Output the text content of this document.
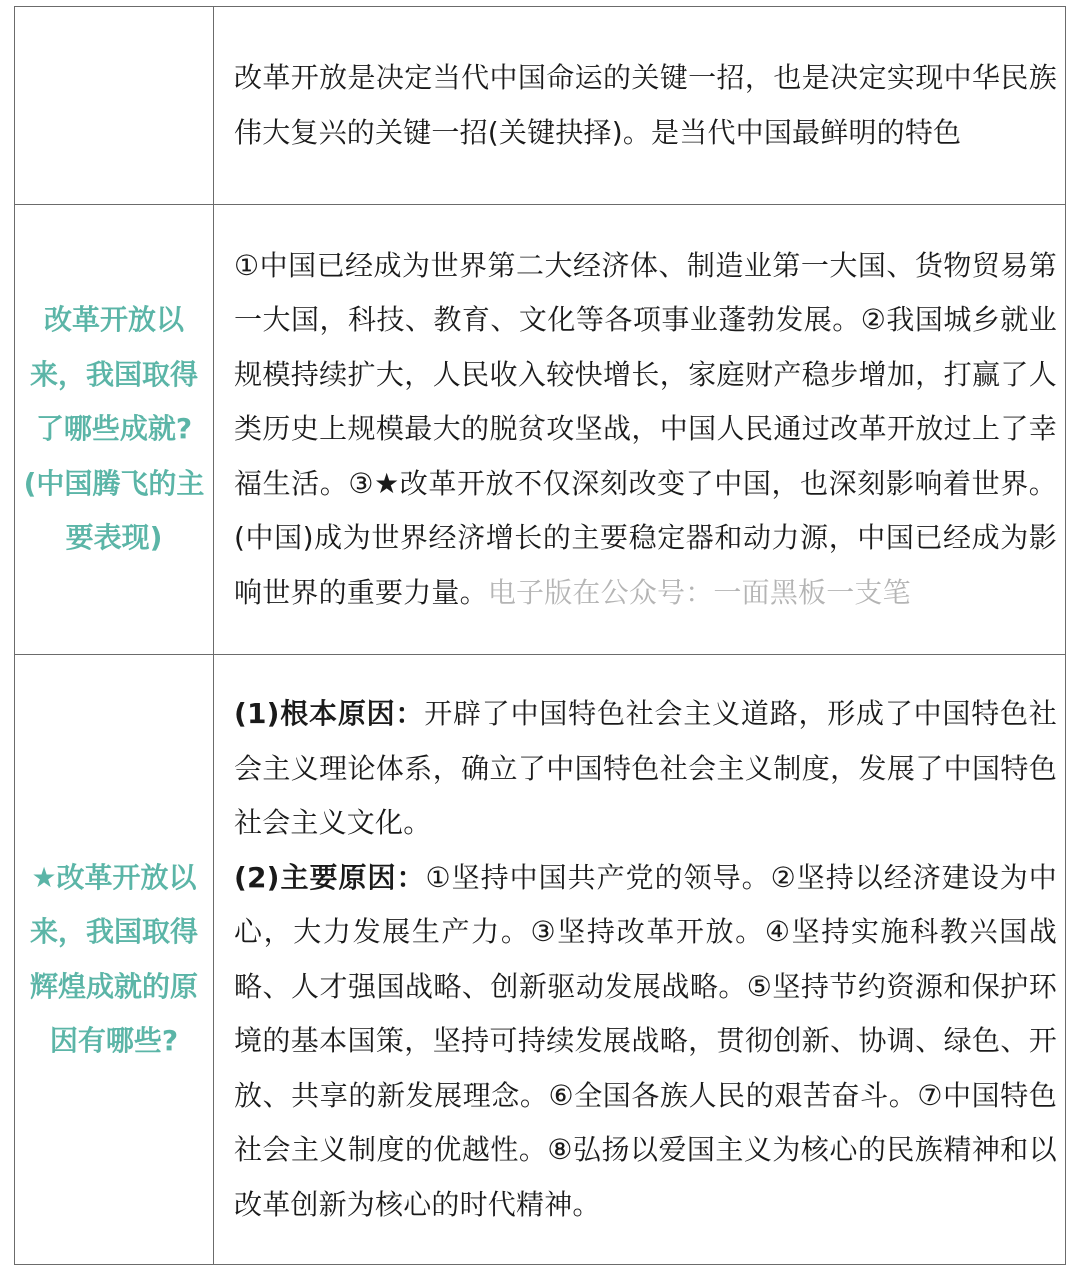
	改革开放是决定当代中国命运的关键一招，也是决定实现中华民族伟大复兴的关键一招(关键抉择)。是当代中国最鲜明的特色
改革开放以来，我国取得了哪些成就?(中国腾飞的主要表现)	①中国已经成为世界第二大经济体、制造业第一大国、货物贸易第一大国，科技、教育、文化等各项事业蓬勃发展。②我国城乡就业规模持续扩大，人民收入较快增长，家庭财产稳步增加，打赢了人类历史上规模最大的脱贫攻坚战，中国人民通过改革开放过上了幸福生活。③★改革开放不仅深刻改变了中国，也深刻影响着世界。(中国)成为世界经济增长的主要稳定器和动力源，中国已经成为影响世界的重要力量。电子版在公众号：一面黑板一支笔
★改革开放以来，我国取得辉煌成就的原因有哪些?	(1)根本原因：开辟了中国特色社会主义道路，形成了中国特色社会主义理论体系，确立了中国特色社会主义制度，发展了中国特色社会主义文化。
(2)主要原因：①坚持中国共产党的领导。②坚持以经济建设为中心，大力发展生产力。③坚持改革开放。④坚持实施科教兴国战略、人才强国战略、创新驱动发展战略。⑤坚持节约资源和保护环境的基本国策，坚持可持续发展战略，贯彻创新、协调、绿色、开放、共享的新发展理念。⑥全国各族人民的艰苦奋斗。⑦中国特色社会主义制度的优越性。⑧弘扬以爱国主义为核心的民族精神和以改革创新为核心的时代精神。
